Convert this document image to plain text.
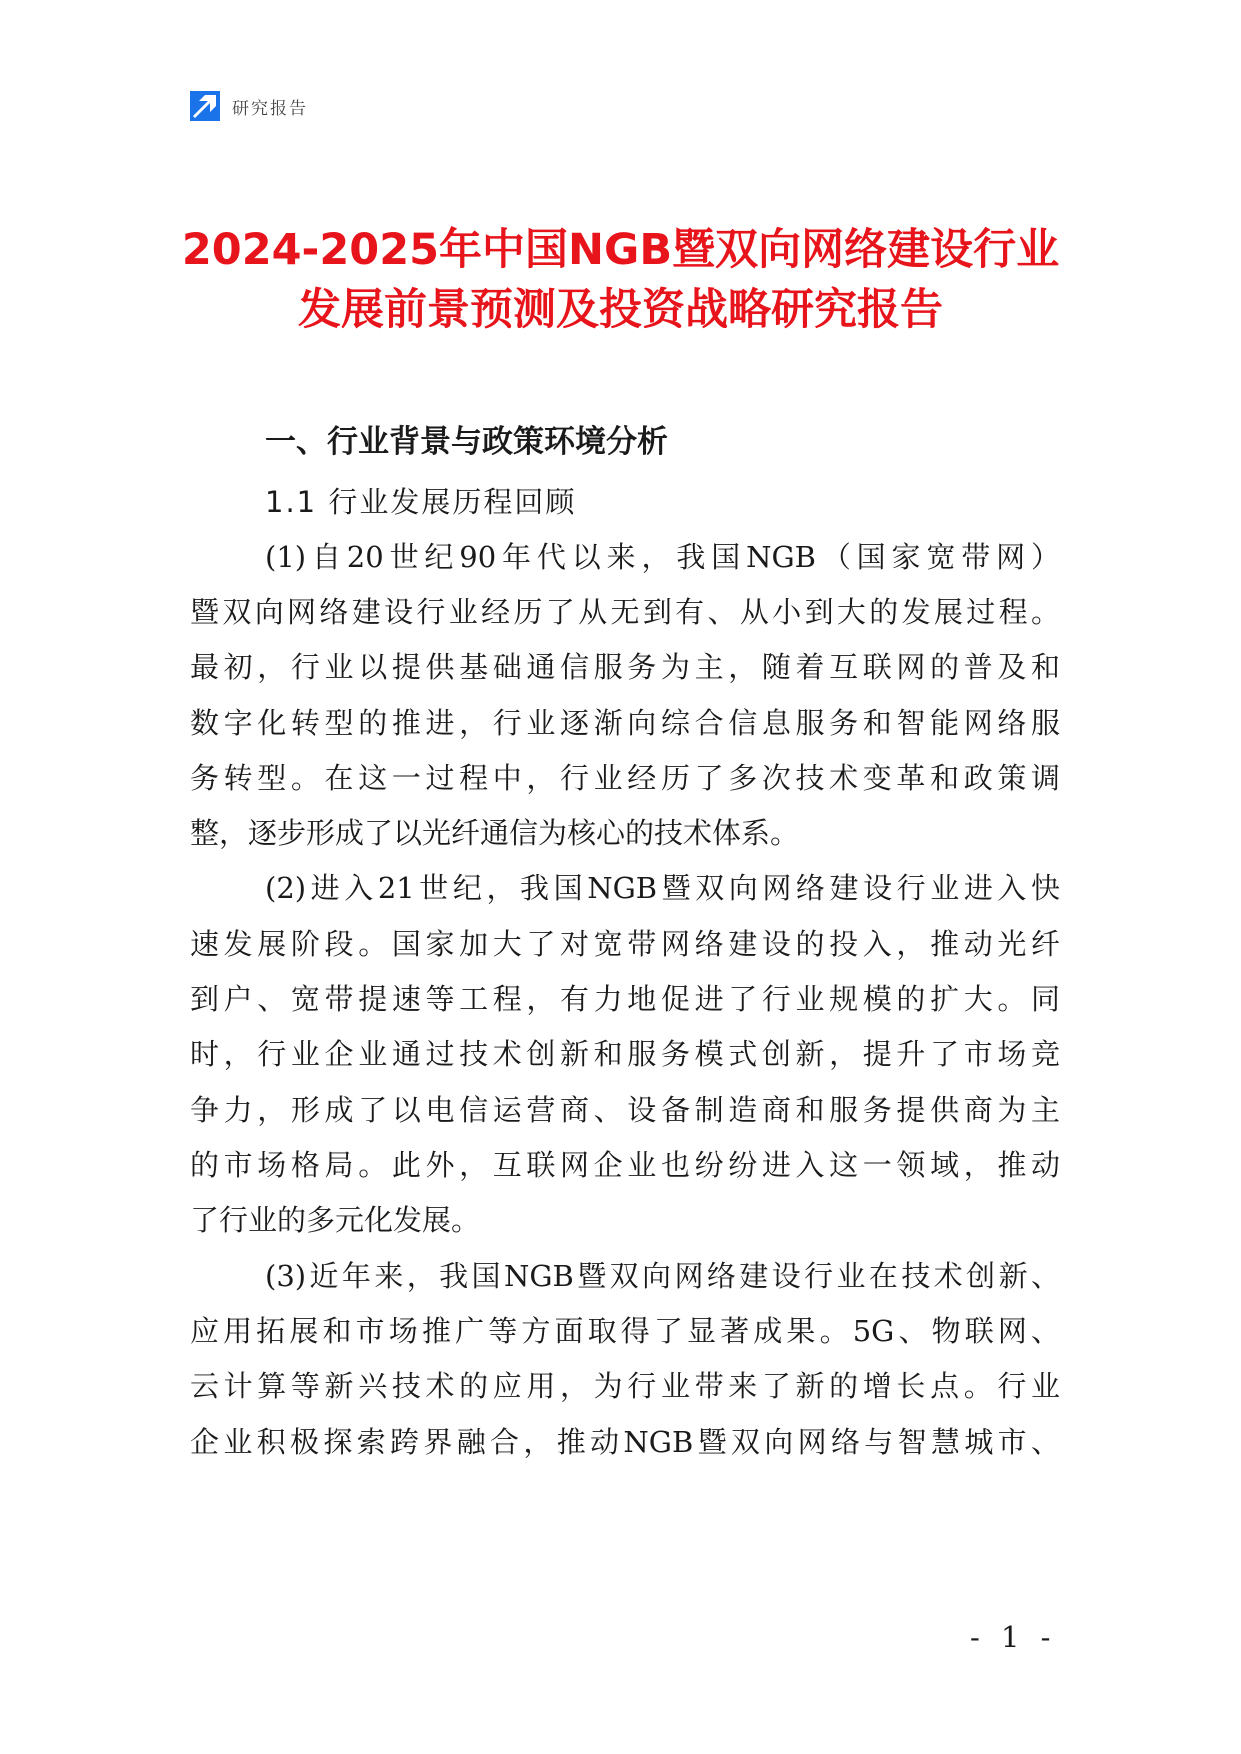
研究报告
2024-2025年中国NGB暨双向网络建设行业
发展前景预测及投资战略研究报告
一、行业背景与政策环境分析
1.1 行业发展历程回顾
(1)自20世纪90年代以来，我国NGB（国家宽带网）
暨双向网络建设行业经历了从无到有、从小到大的发展过程。
最初，行业以提供基础通信服务为主，随着互联网的普及和
数字化转型的推进，行业逐渐向综合信息服务和智能网络服
务转型。在这一过程中，行业经历了多次技术变革和政策调
整，逐步形成了以光纤通信为核心的技术体系。
(2)进入21世纪，我国NGB暨双向网络建设行业进入快
速发展阶段。国家加大了对宽带网络建设的投入，推动光纤
到户、宽带提速等工程，有力地促进了行业规模的扩大。同
时，行业企业通过技术创新和服务模式创新，提升了市场竞
争力，形成了以电信运营商、设备制造商和服务提供商为主
的市场格局。此外，互联网企业也纷纷进入这一领域，推动
了行业的多元化发展。
(3)近年来，我国NGB暨双向网络建设行业在技术创新、
应用拓展和市场推广等方面取得了显著成果。5G、物联网、
云计算等新兴技术的应用，为行业带来了新的增长点。行业
企业积极探索跨界融合，推动NGB暨双向网络与智慧城市、
- 1 -
